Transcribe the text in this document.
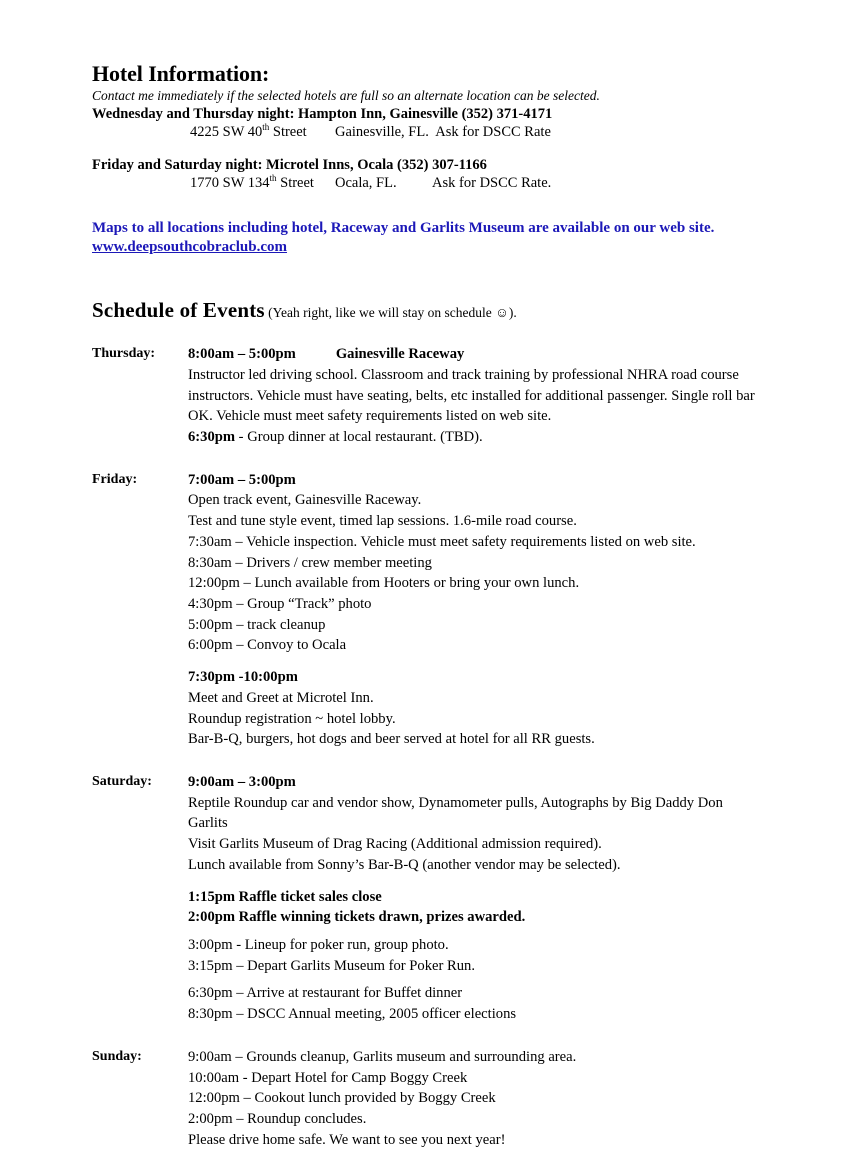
Hotel Information:

Contact me immediately if the selected hotels are full so an alternate location can be selected.

Wednesday and Thursday night: Hampton Inn, Gainesville (352) 371-4171

4225 SW 40th Street	Gainesville, FL.  Ask for DSCC Rate

Friday and Saturday night: Microtel Inns, Ocala (352) 307-1166

1770 SW 134th Street	Ocala, FL.          Ask for DSCC Rate.

Maps to all locations including hotel, Raceway and Garlits Museum are available on our web site. www.deepsouthcobraclub.com
Schedule of Events (Yeah right, like we will stay on schedule ☺).
Thursday:	8:00am – 5:00pm	Gainesville Raceway

Instructor led driving school. Classroom and track training by professional NHRA road course instructors. Vehicle must have seating, belts, etc installed for additional passenger. Single roll bar OK. Vehicle must meet safety requirements listed on web site.

6:30pm - Group dinner at local restaurant. (TBD).

Friday:	7:00am – 5:00pm

Open track event, Gainesville Raceway.

Test and tune style event, timed lap sessions. 1.6-mile road course.

7:30am – Vehicle inspection. Vehicle must meet safety requirements listed on web site.

8:30am – Drivers / crew member meeting

12:00pm – Lunch available from Hooters or bring your own lunch.

4:30pm – Group “Track” photo

5:00pm – track cleanup

6:00pm – Convoy to Ocala

7:30pm -10:00pm

Meet and Greet at Microtel Inn.

Roundup registration ~ hotel lobby.

Bar-B-Q, burgers, hot dogs and beer served at hotel for all RR guests.

Saturday:	9:00am – 3:00pm

Reptile Roundup car and vendor show, Dynamometer pulls, Autographs by Big Daddy Don Garlits

Visit Garlits Museum of Drag Racing (Additional admission required).

Lunch available from Sonny’s Bar-B-Q (another vendor may be selected).

1:15pm Raffle ticket sales close

2:00pm Raffle winning tickets drawn, prizes awarded.

3:00pm - Lineup for poker run, group photo.

3:15pm – Depart Garlits Museum for Poker Run.

6:30pm – Arrive at restaurant for Buffet dinner

8:30pm – DSCC Annual meeting, 2005 officer elections

Sunday:	9:00am – Grounds cleanup, Garlits museum and surrounding area.

10:00am - Depart Hotel for Camp Boggy Creek

12:00pm – Cookout lunch provided by Boggy Creek

2:00pm – Roundup concludes.

Please drive home safe. We want to see you next year!
